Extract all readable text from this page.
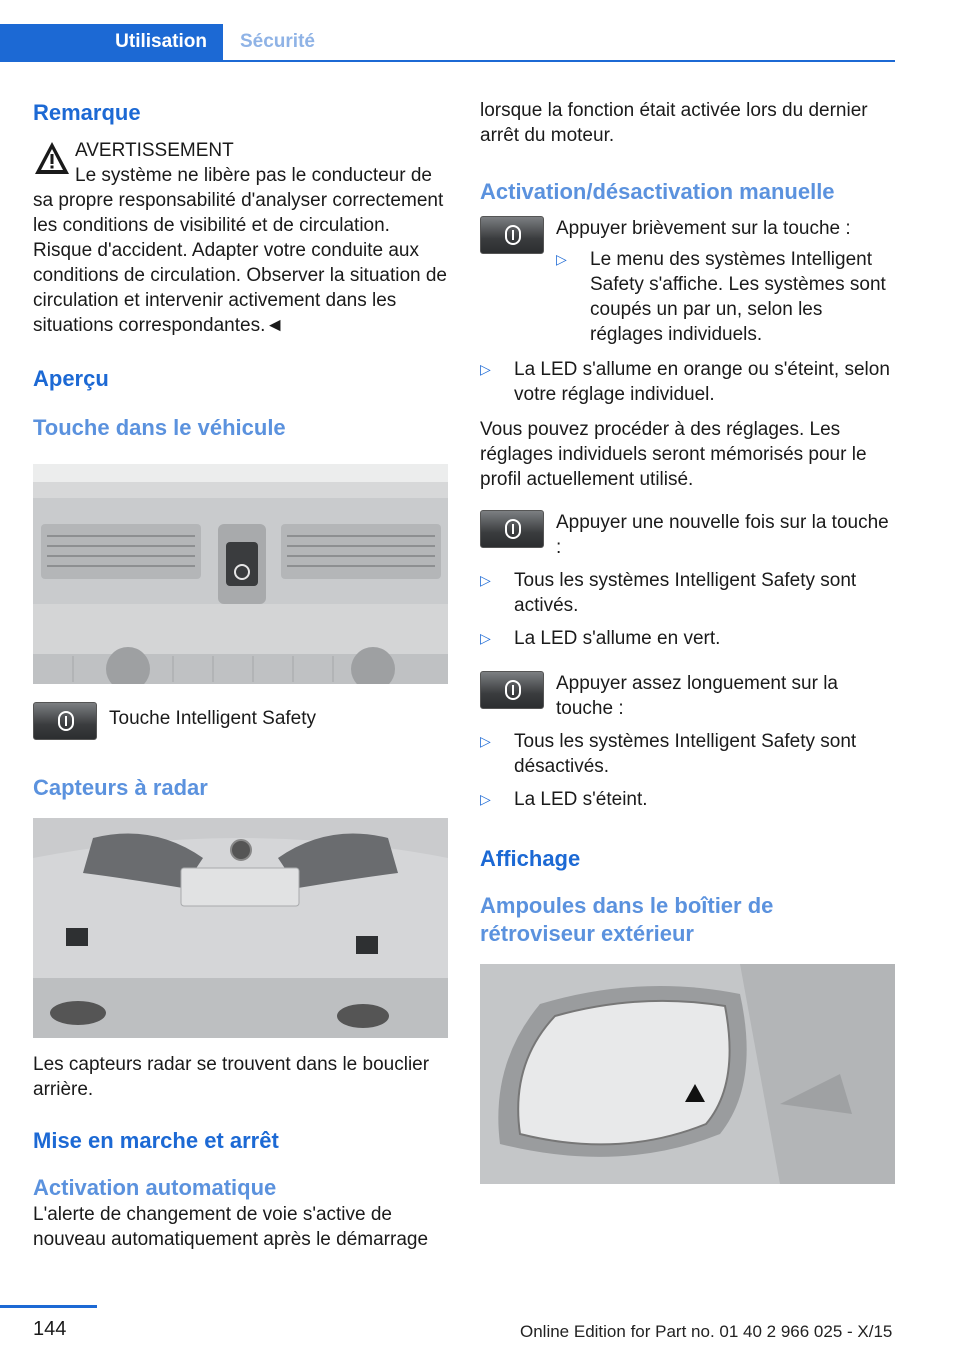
Utilisation	Sécurité
Remarque
AVERTISSEMENT

Le système ne libère pas le conducteur de sa propre responsabilité d'analyser correctement les conditions de visibilité et de circulation. Risque d'accident. Adapter votre conduite aux conditions de circulation. Observer la situation de circulation et intervenir activement dans les situations correspondantes.◄

Aperçu
Touche dans le véhicule
Touche Intelligent Safety
Capteurs à radar

Les capteurs radar se trouvent dans le bouclier arrière.

Mise en marche et arrêt
Activation automatique

L'alerte de changement de voie s'active de nouveau automatiquement après le démarrage

lorsque la fonction était activée lors du dernier arrêt du moteur.

Activation/désactivation manuelle
Appuyer brièvement sur la touche :
▷	Le menu des systèmes Intelligent Safety s'affiche. Les systèmes sont coupés un par un, selon les réglages individuels.
▷	La LED s'allume en orange ou s'éteint, selon votre réglage individuel.

Vous pouvez procéder à des réglages. Les réglages individuels seront mémorisés pour le profil actuellement utilisé.

Appuyer une nouvelle fois sur la touche :
▷	Tous les systèmes Intelligent Safety sont activés.
▷	La LED s'allume en vert.
Appuyer assez longuement sur la touche :
▷	Tous les systèmes Intelligent Safety sont désactivés.
▷	La LED s'éteint.
Affichage
Ampoules dans le boîtier de rétroviseur extérieur
144	Online Edition for Part no. 01 40 2 966 025 - X/15
